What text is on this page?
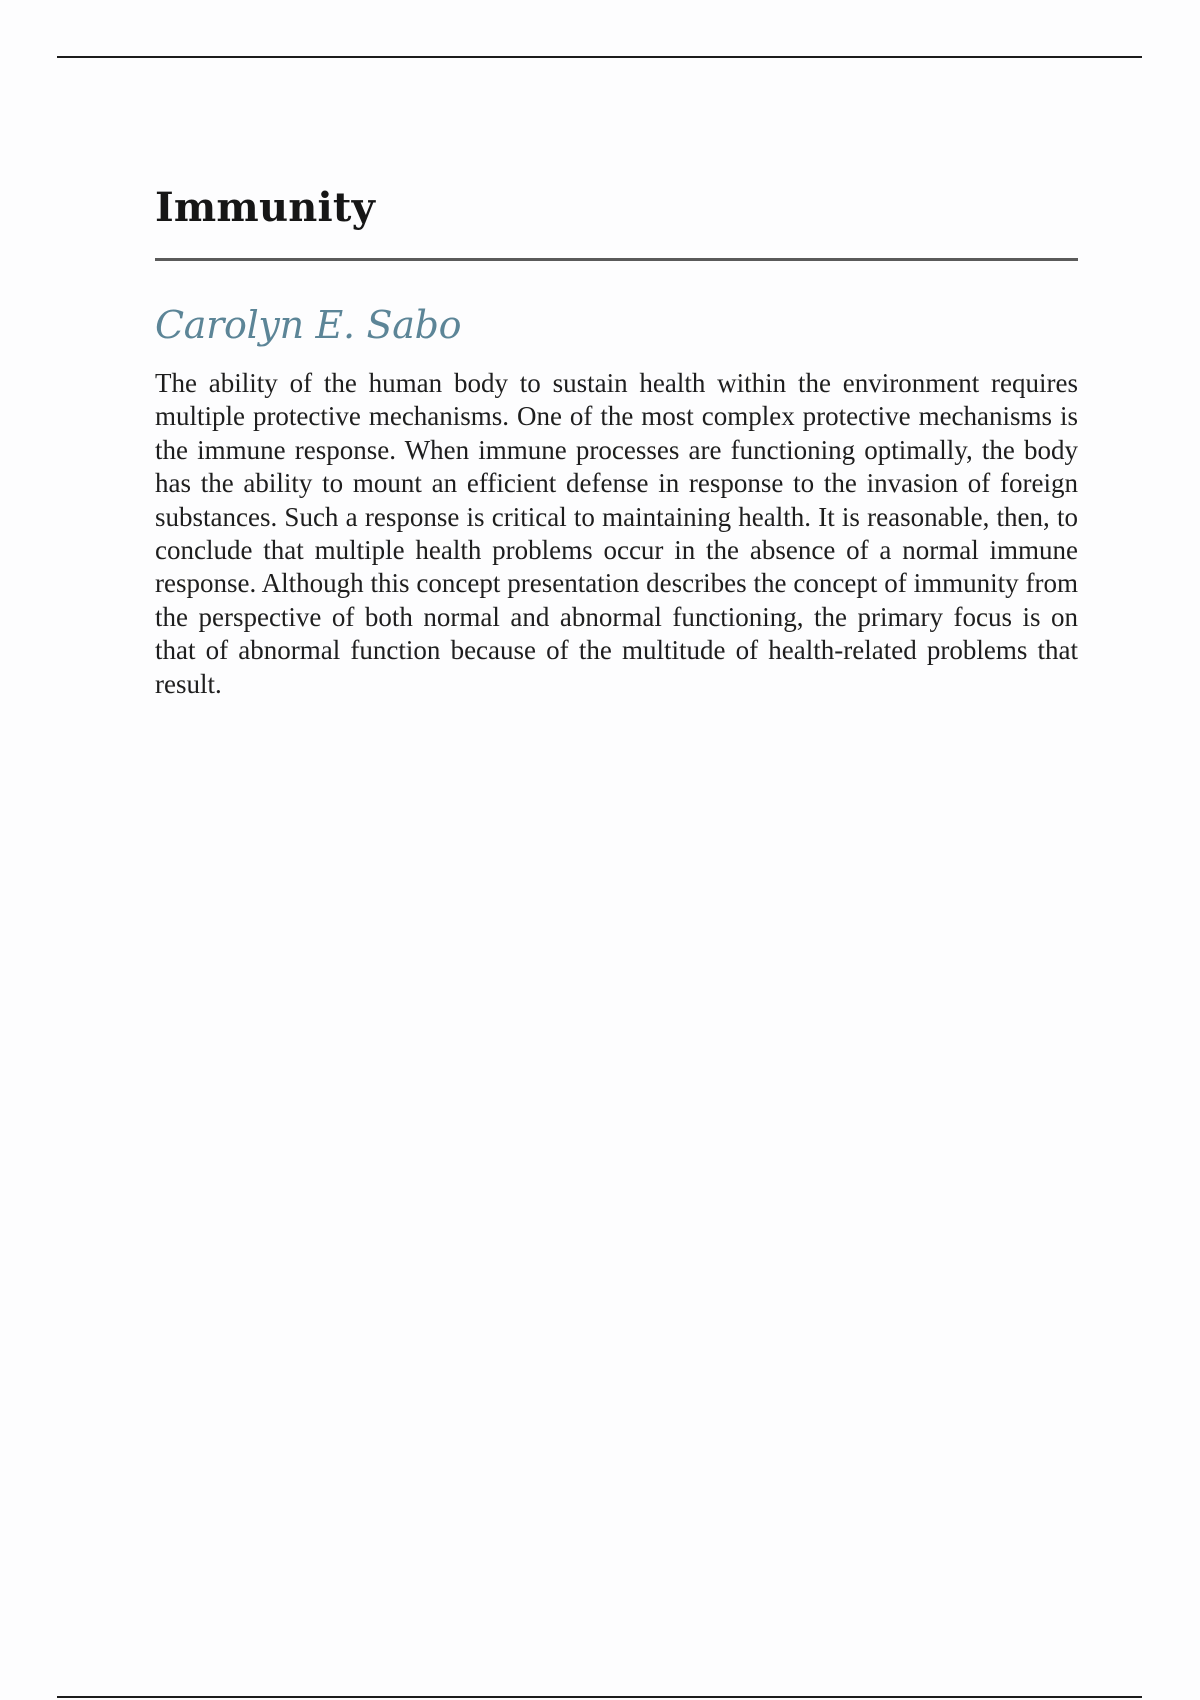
Immunity
Carolyn E. Sabo

The ability of the human body to sustain health within the environment requires multiple protective mechanisms. One of the most complex protective mechanisms is the immune response. When immune processes are functioning optimally, the body has the ability to mount an efficient defense in response to the invasion of foreign substances. Such a response is critical to maintaining health. It is reasonable, then, to conclude that multiple health problems occur in the absence of a normal immune response. Although this concept presentation describes the concept of immunity from the perspective of both normal and abnormal functioning, the primary focus is on that of abnormal function because of the multitude of health-related problems that result.
